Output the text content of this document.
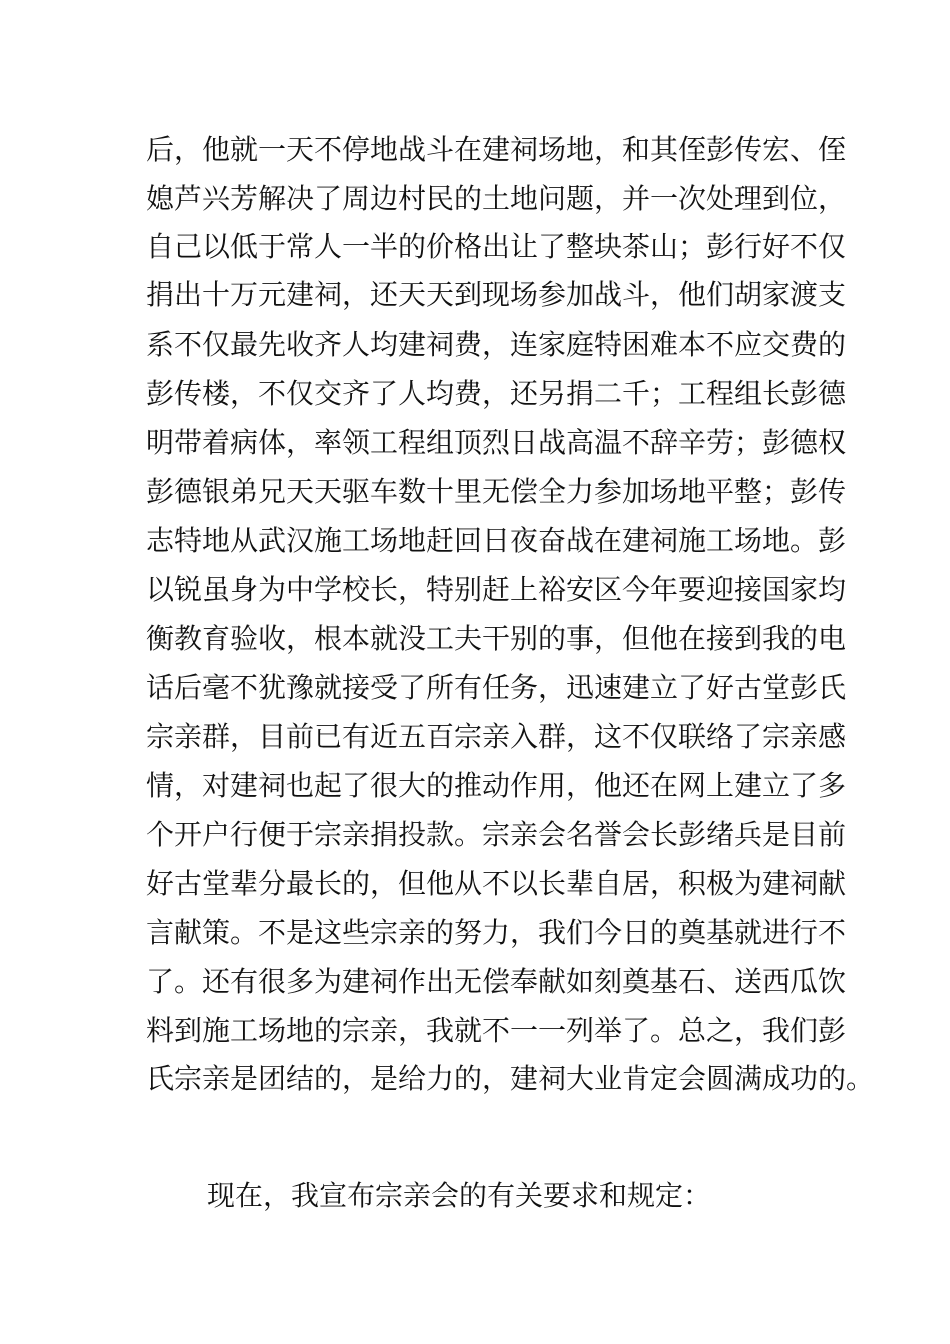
后，他就一天不停地战斗在建祠场地，和其侄彭传宏、侄
媳芦兴芳解决了周边村民的土地问题，并一次处理到位，
自己以低于常人一半的价格出让了整块茶山；彭行好不仅
捐出十万元建祠，还天天到现场参加战斗，他们胡家渡支
系不仅最先收齐人均建祠费，连家庭特困难本不应交费的
彭传楼，不仅交齐了人均费，还另捐二千；工程组长彭德
明带着病体，率领工程组顶烈日战高温不辞辛劳；彭德权
彭德银弟兄天天驱车数十里无偿全力参加场地平整；彭传
志特地从武汉施工场地赶回日夜奋战在建祠施工场地。彭
以锐虽身为中学校长，特别赶上裕安区今年要迎接国家均
衡教育验收，根本就没工夫干别的事，但他在接到我的电
话后毫不犹豫就接受了所有任务，迅速建立了好古堂彭氏
宗亲群，目前已有近五百宗亲入群，这不仅联络了宗亲感
情，对建祠也起了很大的推动作用，他还在网上建立了多
个开户行便于宗亲捐投款。宗亲会名誉会长彭绪兵是目前
好古堂辈分最长的，但他从不以长辈自居，积极为建祠献
言献策。不是这些宗亲的努力，我们今日的奠基就进行不
了。还有很多为建祠作出无偿奉献如刻奠基石、送西瓜饮
料到施工场地的宗亲，我就不一一列举了。总之，我们彭
氏宗亲是团结的，是给力的，建祠大业肯定会圆满成功的。
现在，我宣布宗亲会的有关要求和规定：
